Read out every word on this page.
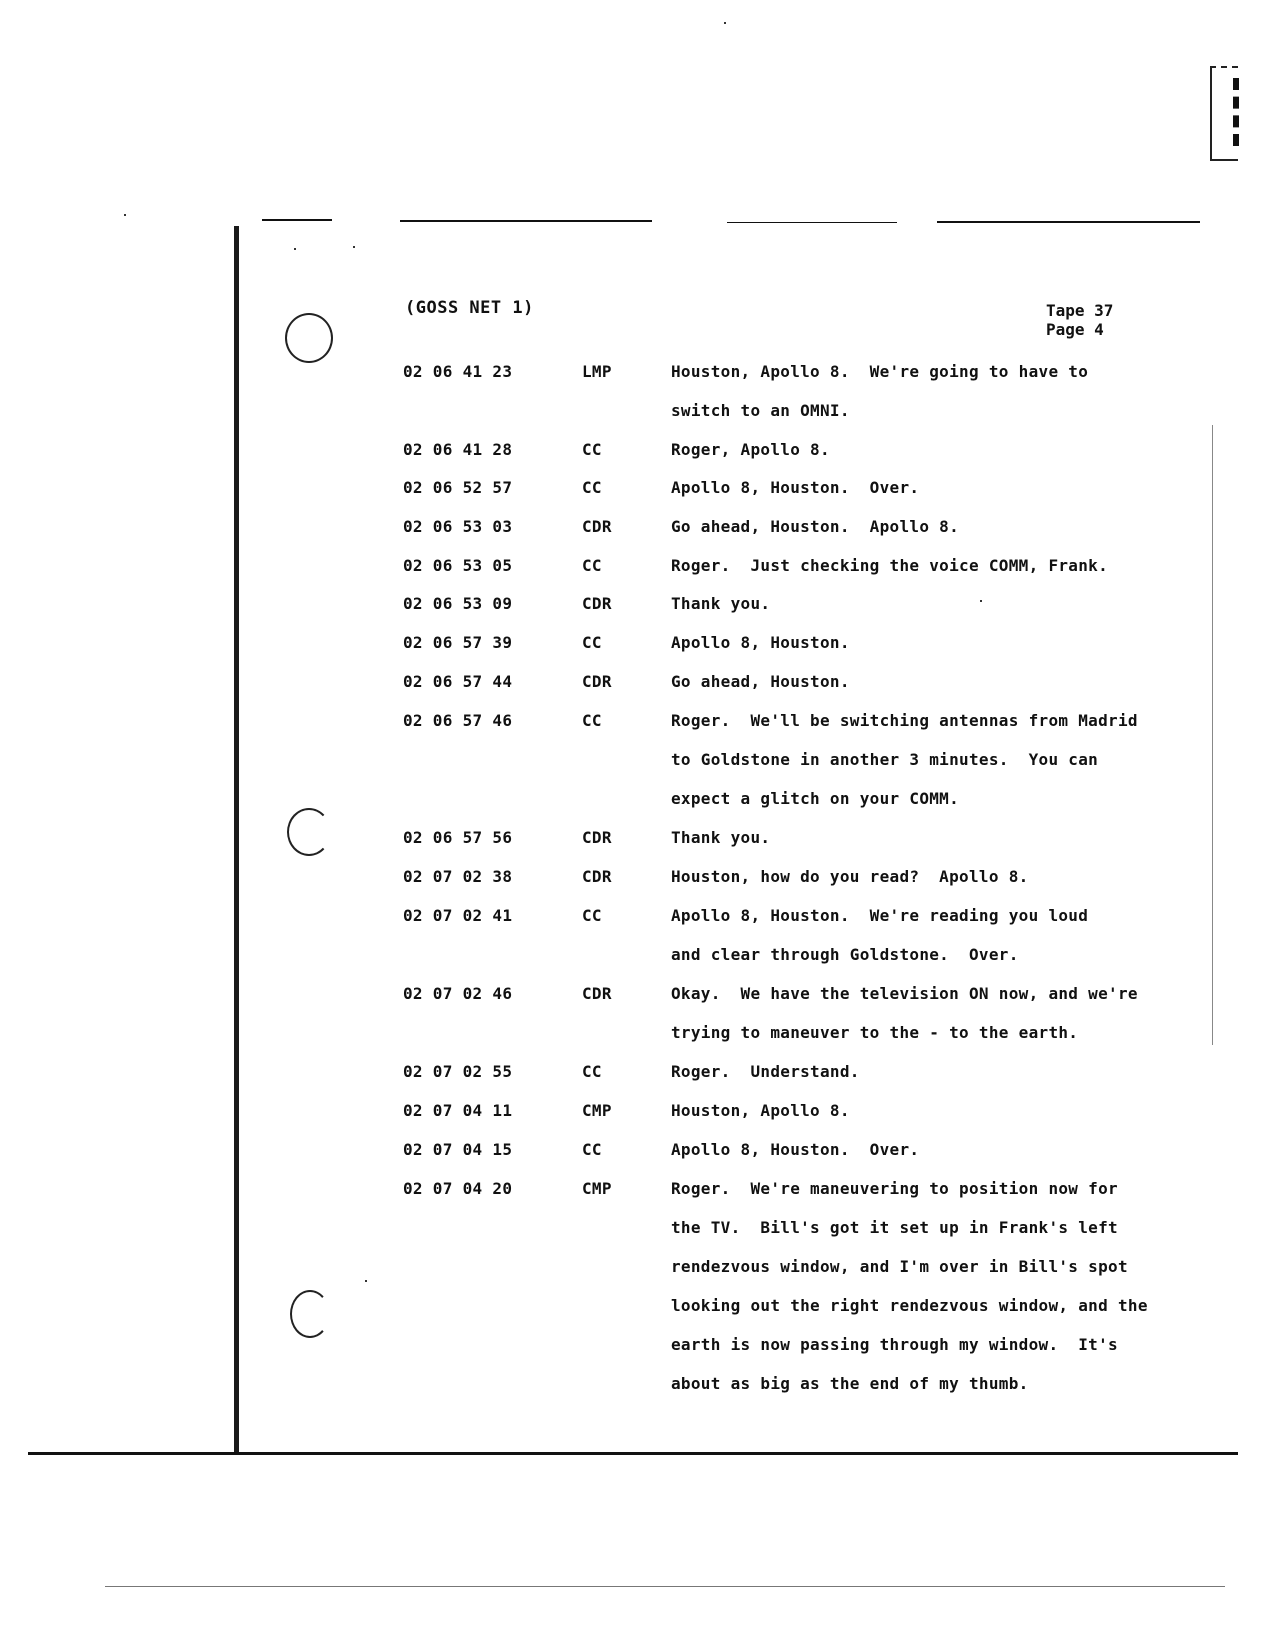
(GOSS NET 1)	Tape 37
Page 4
02 06 41 23	LMP	Houston, Apollo 8.  We're going to have to
switch to an OMNI.
02 06 41 28	CC	Roger, Apollo 8.
02 06 52 57	CC	Apollo 8, Houston.  Over.
02 06 53 03	CDR	Go ahead, Houston.  Apollo 8.
02 06 53 05	CC	Roger.  Just checking the voice COMM, Frank.
02 06 53 09	CDR	Thank you.
02 06 57 39	CC	Apollo 8, Houston.
02 06 57 44	CDR	Go ahead, Houston.
02 06 57 46	CC	Roger.  We'll be switching antennas from Madrid
to Goldstone in another 3 minutes.  You can
expect a glitch on your COMM.
02 06 57 56	CDR	Thank you.
02 07 02 38	CDR	Houston, how do you read?  Apollo 8.
02 07 02 41	CC	Apollo 8, Houston.  We're reading you loud
and clear through Goldstone.  Over.
02 07 02 46	CDR	Okay.  We have the television ON now, and we're
trying to maneuver to the - to the earth.
02 07 02 55	CC	Roger.  Understand.
02 07 04 11	CMP	Houston, Apollo 8.
02 07 04 15	CC	Apollo 8, Houston.  Over.
02 07 04 20	CMP	Roger.  We're maneuvering to position now for
the TV.  Bill's got it set up in Frank's left
rendezvous window, and I'm over in Bill's spot
looking out the right rendezvous window, and the
earth is now passing through my window.  It's
about as big as the end of my thumb.
